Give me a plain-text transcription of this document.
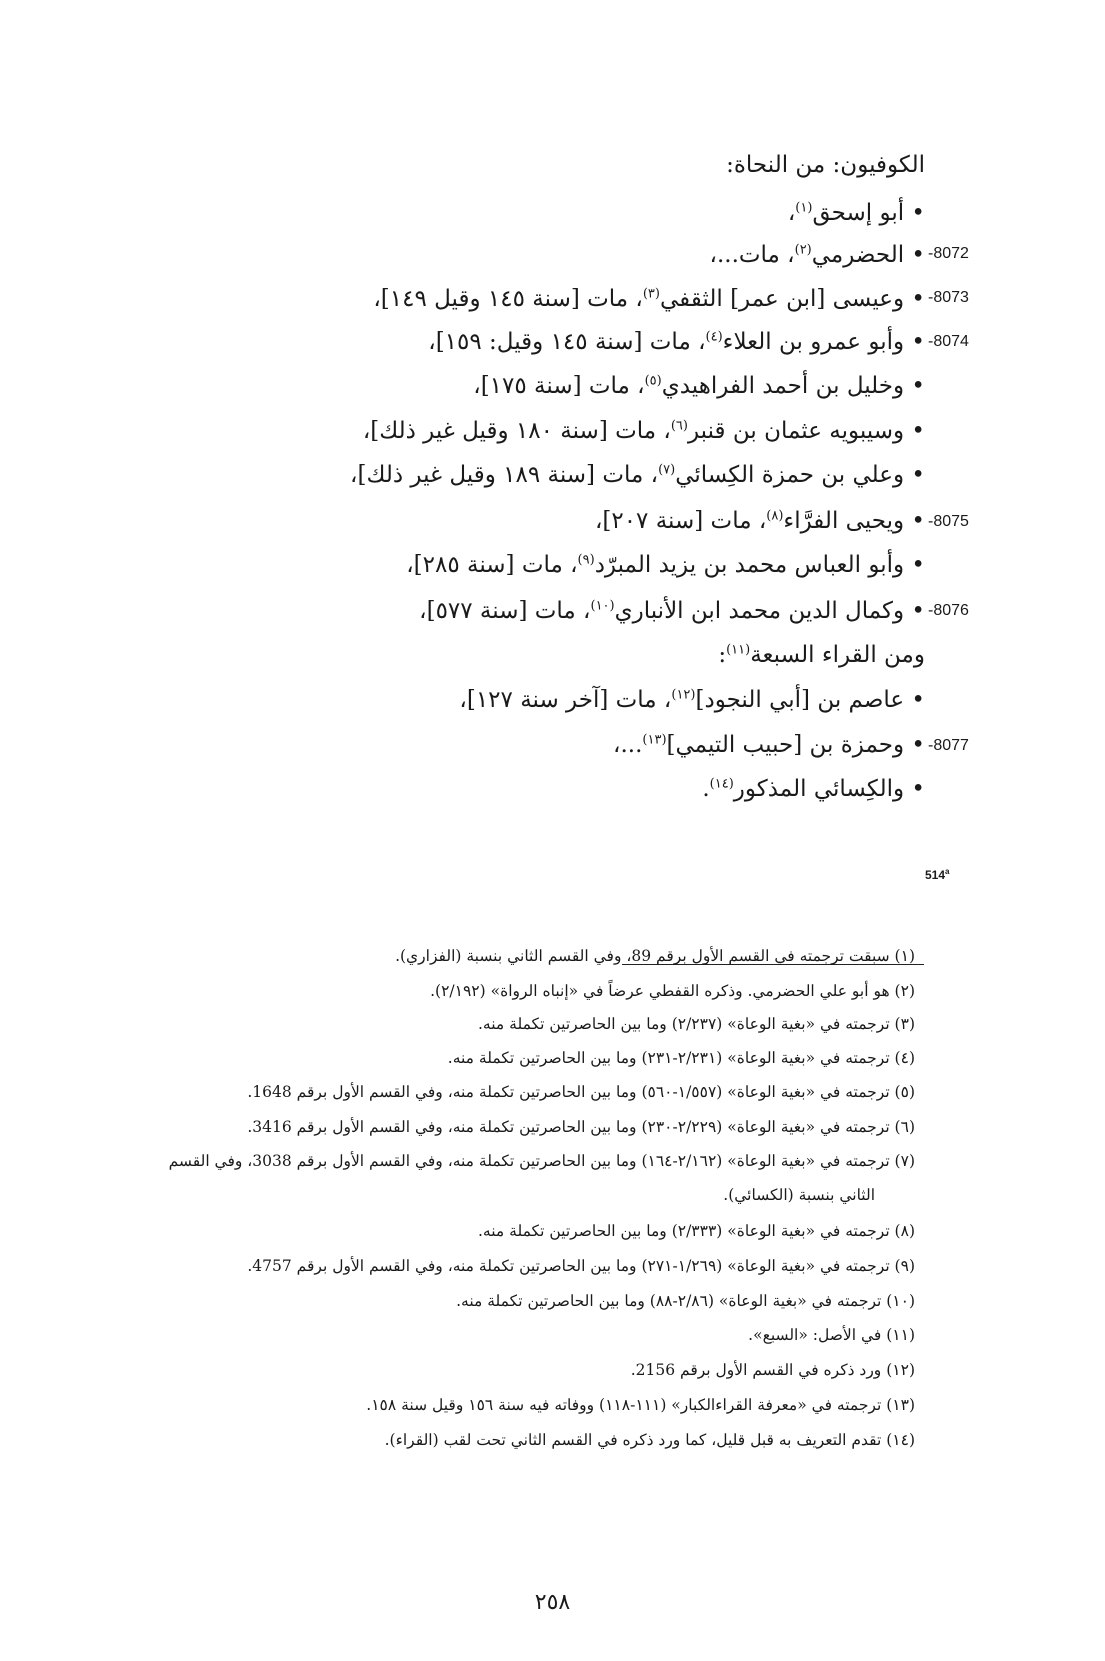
الكوفيون: من النحاة:
• أبو إسحق$^{(١)}$،
• الحضرمي$^{(٢)}$، مات...،
• وعيسى [ابن عمر] الثقفي$^{(٣)}$، مات [سنة ١٤٥ وقيل ١٤٩]،
• وأبو عمرو بن العلاء$^{(٤)}$، مات [سنة ١٤٥ وقيل: ١٥٩]،
• وخليل بن أحمد الفراهيدي$^{(٥)}$، مات [سنة ١٧٥]،
• وسيبويه عثمان بن قنبر$^{(٦)}$، مات [سنة ١٨٠ وقيل غير ذلك]،
• وعلي بن حمزة الكِسائي$^{(٧)}$، مات [سنة ١٨٩ وقيل غير ذلك]،
• ويحيى الفرَّاء$^{(٨)}$، مات [سنة ٢٠٧]،
• وأبو العباس محمد بن يزيد المبرّد$^{(٩)}$، مات [سنة ٢٨٥]،
• وكمال الدين محمد ابن الأنباري$^{(١٠)}$، مات [سنة ٥٧٧]،
ومن القراء السبعة$^{(١١)}$:
• عاصم بن [أبي النجود]$^{(١٢)}$، مات [آخر سنة ١٢٧]،
• وحمزة بن [حبيب التيمي]$^{(١٣)}$...،
• والكِسائي المذكور$^{(١٤)}$.
-8072
-8073
-8074
-8075
-8076
-8077
514$^a$
(١) سبقت ترجمته في القسم الأول برقم 89، وفي القسم الثاني بنسبة (الفزاري).
(٢) هو أبو علي الحضرمي. وذكره القفطي عرضاً في «إنباه الرواة» (٢/١٩٢).
(٣) ترجمته في «بغية الوعاة» (٢/٢٣٧) وما بين الحاصرتين تكملة منه.
(٤) ترجمته في «بغية الوعاة» (٢/٢٣١-٢٣١) وما بين الحاصرتين تكملة منه.
(٥) ترجمته في «بغية الوعاة» (١/٥٥٧-٥٦٠) وما بين الحاصرتين تكملة منه، وفي القسم الأول برقم 1648.
(٦) ترجمته في «بغية الوعاة» (٢/٢٢٩-٢٣٠) وما بين الحاصرتين تكملة منه، وفي القسم الأول برقم 3416.
(٧) ترجمته في «بغية الوعاة» (٢/١٦٢-١٦٤) وما بين الحاصرتين تكملة منه، وفي القسم الأول برقم 3038، وفي القسم
الثاني بنسبة (الكسائي).
(٨) ترجمته في «بغية الوعاة» (٢/٣٣٣) وما بين الحاصرتين تكملة منه.
(٩) ترجمته في «بغية الوعاة» (١/٢٦٩-٢٧١) وما بين الحاصرتين تكملة منه، وفي القسم الأول برقم 4757.
(١٠) ترجمته في «بغية الوعاة» (٢/٨٦-٨٨) وما بين الحاصرتين تكملة منه.
(١١) في الأصل: «السبع».
(١٢) ورد ذكره في القسم الأول برقم 2156.
(١٣) ترجمته في «معرفة القراءالكبار» (١١١-١١٨) ووفاته فيه سنة ١٥٦ وقيل سنة ١٥٨.
(١٤) تقدم التعريف به قبل قليل، كما ورد ذكره في القسم الثاني تحت لقب (القراء).
٢٥٨
